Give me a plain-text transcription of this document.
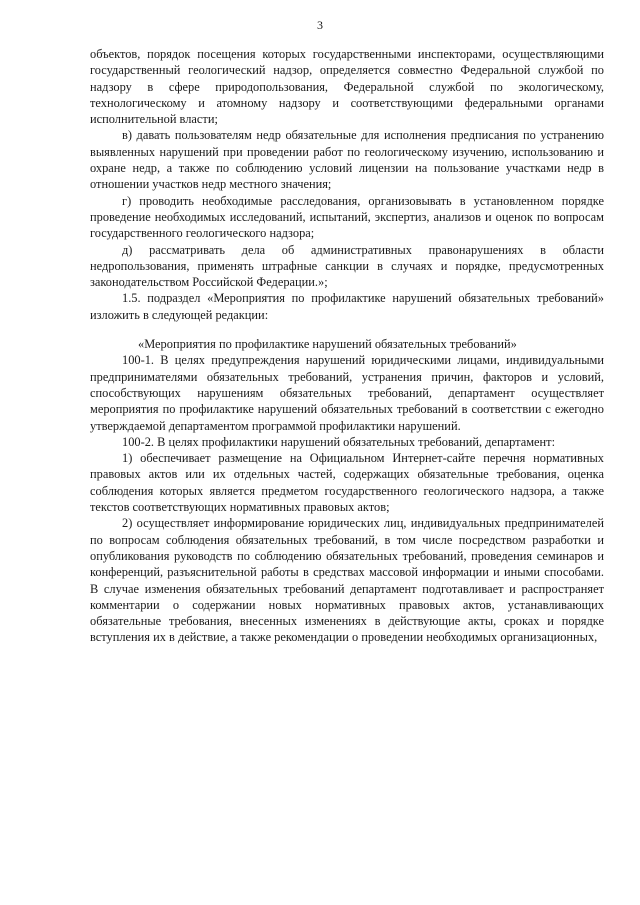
3

объектов, порядок посещения которых государственными инспекторами, осуществляющими государственный геологический надзор, определяется совместно Федеральной службой по надзору в сфере природопользования, Федеральной службой по экологическому, технологическому и атомному надзору и соответствующими федеральными органами исполнительной власти;

в) давать пользователям недр обязательные для исполнения предписания по устранению выявленных нарушений при проведении работ по геологическому изучению, использованию и охране недр, а также по соблюдению условий лицензии на пользование участками недр в отношении участков недр местного значения;

г) проводить необходимые расследования, организовывать в установленном порядке проведение необходимых исследований, испытаний, экспертиз, анализов и оценок по вопросам государственного геологического надзора;

д) рассматривать дела об административных правонарушениях в области недропользования, применять штрафные санкции в случаях и порядке, предусмотренных законодательством Российской Федерации.»;

1.5. подраздел «Мероприятия по профилактике нарушений обязательных требований» изложить в следующей редакции:

«Мероприятия по профилактике нарушений обязательных требований»

100-1. В целях предупреждения нарушений юридическими лицами, индивидуальными предпринимателями обязательных требований, устранения причин, факторов и условий, способствующих нарушениям обязательных требований, департамент осуществляет мероприятия по профилактике нарушений обязательных требований в соответствии с ежегодно утверждаемой департаментом программой профилактики нарушений.

100-2. В целях профилактики нарушений обязательных требований, департамент:

1) обеспечивает размещение на Официальном Интернет-сайте перечня нормативных правовых актов или их отдельных частей, содержащих обязательные требования, оценка соблюдения которых является предметом государственного геологического надзора, а также текстов соответствующих нормативных правовых актов;

2) осуществляет информирование юридических лиц, индивидуальных предпринимателей по вопросам соблюдения обязательных требований, в том числе посредством разработки и опубликования руководств по соблюдению обязательных требований, проведения семинаров и конференций, разъяснительной работы в средствах массовой информации и иными способами. В случае изменения обязательных требований департамент подготавливает и распространяет комментарии о содержании новых нормативных правовых актов, устанавливающих обязательные требования, внесенных изменениях в действующие акты, сроках и порядке вступления их в действие, а также рекомендации о проведении необходимых организационных,
